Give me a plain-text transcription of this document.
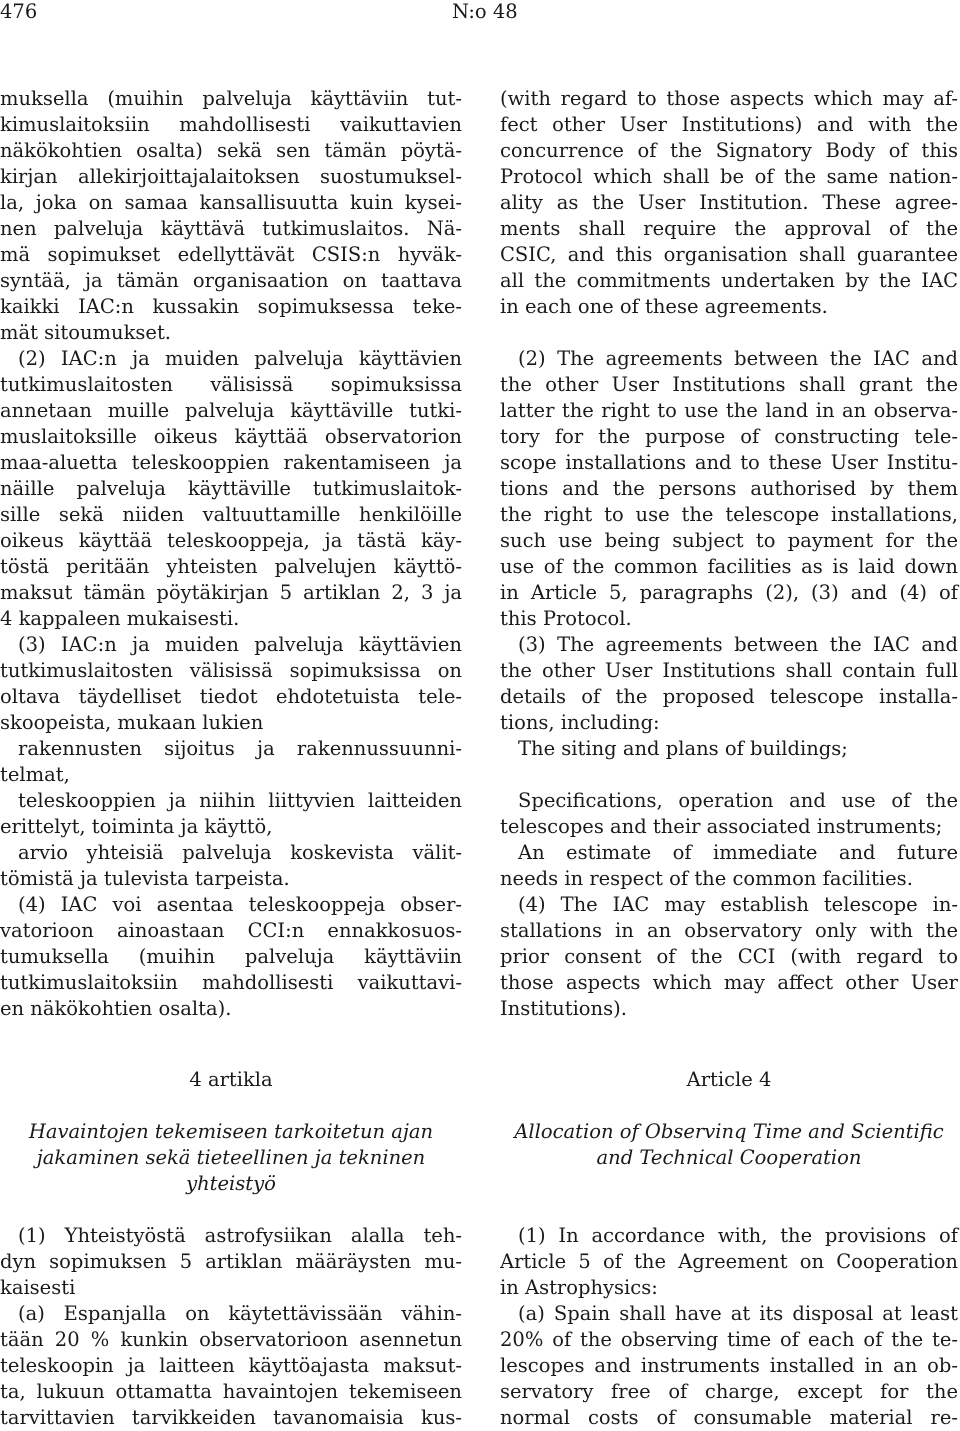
476	N:o 48

muksella (muihin palveluja käyttäviin tut-
kimuslaitoksiin mahdollisesti vaikuttavien
näkökohtien osalta) sekä sen tämän pöytä-
kirjan allekirjoittajalaitoksen suostumuksel-
la, joka on samaa kansallisuutta kuin kysei-
nen palveluja käyttävä tutkimuslaitos. Nä-
mä sopimukset edellyttävät CSIS:n hyväk-
syntää, ja tämän organisaation on taattava
kaikki IAC:n kussakin sopimuksessa teke-
mät sitoumukset.

(2) IAC:n ja muiden palveluja käyttävien
tutkimuslaitosten välisissä sopimuksissa
annetaan muille palveluja käyttäville tutki-
muslaitoksille oikeus käyttää observatorion
maa-aluetta teleskooppien rakentamiseen ja
näille palveluja käyttäville tutkimuslaitok-
sille sekä niiden valtuuttamille henkilöille
oikeus käyttää teleskooppeja, ja tästä käy-
töstä peritään yhteisten palvelujen käyttö-
maksut tämän pöytäkirjan 5 artiklan 2, 3 ja
4 kappaleen mukaisesti.

(3) IAC:n ja muiden palveluja käyttävien
tutkimuslaitosten välisissä sopimuksissa on
oltava täydelliset tiedot ehdotetuista tele-
skoopeista, mukaan lukien

rakennusten sijoitus ja rakennussuunni-
telmat,

teleskooppien ja niihin liittyvien laitteiden
erittelyt, toiminta ja käyttö,

arvio yhteisiä palveluja koskevista välit-
tömistä ja tulevista tarpeista.

(4) IAC voi asentaa teleskooppeja obser-
vatorioon ainoastaan CCI:n ennakkosuos-
tumuksella (muihin palveluja käyttäviin
tutkimuslaitoksiin mahdollisesti vaikuttavi-
en näkökohtien osalta).

(with regard to those aspects which may af-
fect other User Institutions) and with the
concurrence of the Signatory Body of this
Protocol which shall be of the same nation-
ality as the User Institution. These agree-
ments shall require the approval of the
CSIC, and this organisation shall guarantee
all the commitments undertaken by the IAC
in each one of these agreements.

(2) The agreements between the IAC and
the other User Institutions shall grant the
latter the right to use the land in an observa-
tory for the purpose of constructing tele-
scope installations and to these User Institu-
tions and the persons authorised by them
the right to use the telescope installations,
such use being subject to payment for the
use of the common facilities as is laid down
in Article 5, paragraphs (2), (3) and (4) of
this Protocol.

(3) The agreements between the IAC and
the other User Institutions shall contain full
details of the proposed telescope installa-
tions, including:

The siting and plans of buildings;

Specifications, operation and use of the
telescopes and their associated instruments;

An estimate of immediate and future
needs in respect of the common facilities.

(4) The IAC may establish telescope in-
stallations in an observatory only with the
prior consent of the CCI (with regard to
those aspects which may affect other User
Institutions).

4 artikla

Havaintojen tekemiseen tarkoitetun ajan
jakaminen sekä tieteellinen ja tekninen
yhteistyö

(1) Yhteistyöstä astrofysiikan alalla teh-
dyn sopimuksen 5 artiklan määräysten mu-
kaisesti

(a) Espanjalla on käytettävissään vähin-
tään 20 % kunkin observatorioon asennetun
teleskoopin ja laitteen käyttöajasta maksut-
ta, lukuun ottamatta havaintojen tekemiseen
tarvittavien tarvikkeiden tavanomaisia kus-

Article 4

Allocation of Observinq Time and Scientific
and Technical Cooperation

(1) In accordance with, the provisions of
Article 5 of the Agreement on Cooperation
in Astrophysics:

(a) Spain shall have at its disposal at least
20% of the observing time of each of the te-
lescopes and instruments installed in an ob-
servatory free of charge, except for the
normal costs of consumable material re-
